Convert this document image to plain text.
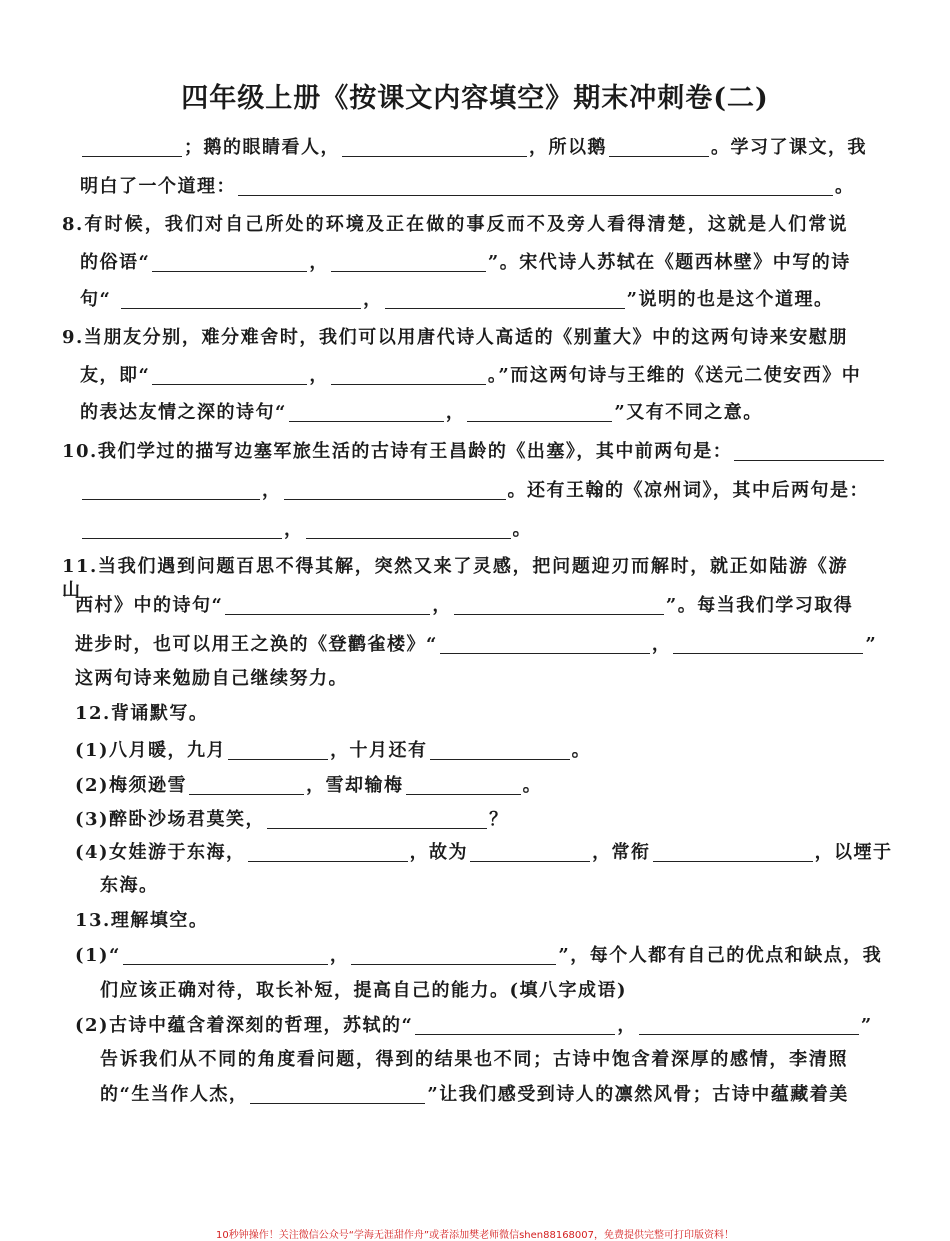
四年级上册《按课文内容填空》期末冲刺卷(二)
；鹅的眼睛看人，	，所以鹅	。学习了课文，我
明白了一个道理：	。
8.有时候，我们对自己所处的环境及正在做的事反而不及旁人看得清楚，这就是人们常说
的俗语“	，	”。宋代诗人苏轼在《题西林壁》中写的诗
句“	，	”说明的也是这个道理。
9.当朋友分别，难分难舍时，我们可以用唐代诗人高适的《别董大》中的这两句诗来安慰朋
友，即“	，	。”而这两句诗与王维的《送元二使安西》中
的表达友情之深的诗句“	，	”又有不同之意。
10.我们学过的描写边塞军旅生活的古诗有王昌龄的《出塞》，其中前两句是：
，	。还有王翰的《凉州词》，其中后两句是：
，	。
11.当我们遇到问题百思不得其解，突然又来了灵感，把问题迎刃而解时，就正如陆游《游山
西村》中的诗句“	，	”。每当我们学习取得
进步时，也可以用王之涣的《登鹳雀楼》“	，	”
这两句诗来勉励自己继续努力。
12.背诵默写。
(1)八月暖，九月	，十月还有	。
(2)梅须逊雪	，雪却输梅	。
(3)醉卧沙场君莫笑，	？
(4)女娃游于东海，	，故为	，常衔	，以堙于
东海。
13.理解填空。
(1)“	，	”，每个人都有自己的优点和缺点，我
们应该正确对待，取长补短，提高自己的能力。(填八字成语)
(2)古诗中蕴含着深刻的哲理，苏轼的“	，	”
告诉我们从不同的角度看问题，得到的结果也不同；古诗中饱含着深厚的感情，李清照
的“生当作人杰，	”让我们感受到诗人的凛然风骨；古诗中蕴藏着美
10秒钟操作！关注微信公众号“学海无涯甜作舟”或者添加樊老师微信shen88168007，免费提供完整可打印版资料！
